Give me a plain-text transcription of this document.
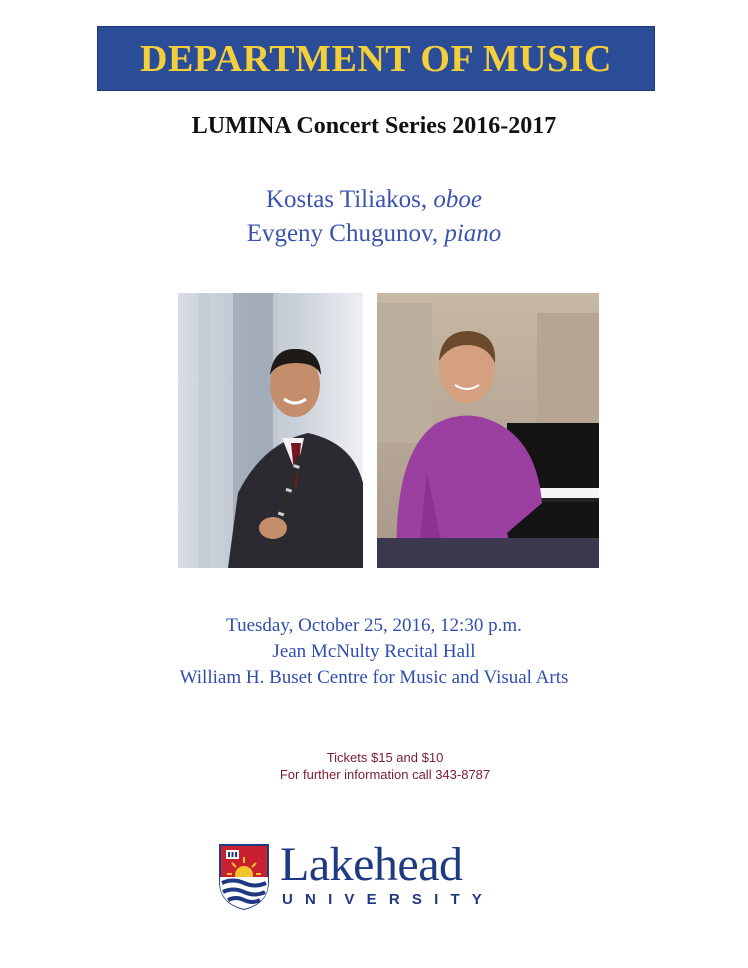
DEPARTMENT OF MUSIC
LUMINA Concert Series 2016-2017
Kostas Tiliakos, oboe
Evgeny Chugunov, piano
Tuesday, October 25, 2016, 12:30 p.m.
Jean McNulty Recital Hall
William H. Buset Centre for Music and Visual Arts
Tickets $15 and $10
For further information call 343-8787
Lakehead
UNIVERSITY
